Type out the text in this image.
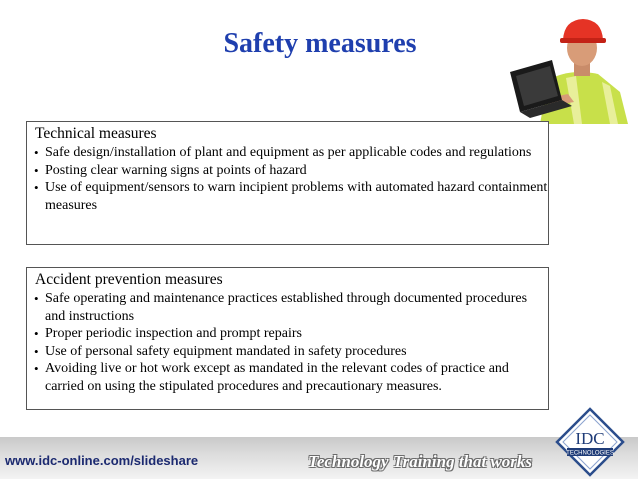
Safety measures
Technical measures
• Safe design/installation of plant and equipment as per applicable codes and regulations
• Posting clear warning signs at points of hazard
• Use of equipment/sensors to warn incipient problems with automated hazard containment measures
Accident prevention measures
• Safe operating and maintenance practices established through documented procedures and instructions
• Proper periodic inspection and prompt repairs
• Use of personal safety equipment mandated in safety procedures
• Avoiding live or hot work except as mandated in the relevant codes of practice and carried on using the stipulated procedures and precautionary measures.
www.idc-online.com/slideshare	Technology Training that works
IDC
TECHNOLOGIES
